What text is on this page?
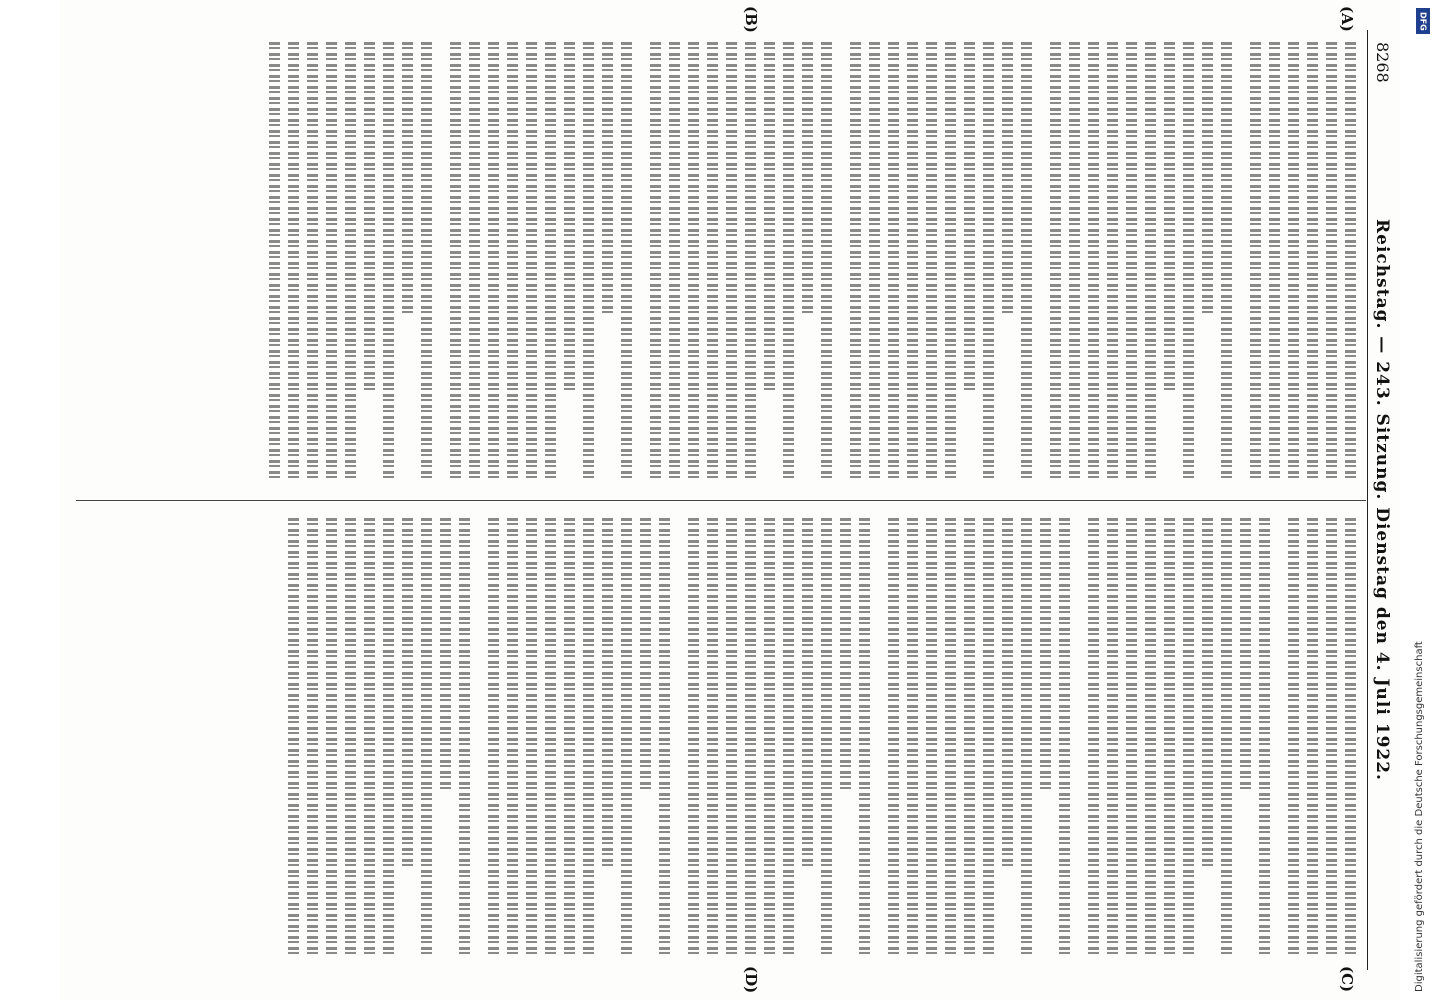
8268
Reichstag. — 243. Sitzung. Dienstag den 4. Juli 1922.
(A)
(B)
(C)
(D)	Digitalisierung gefördert durch die Deutsche Forschungsgemeinschaft
DFG
